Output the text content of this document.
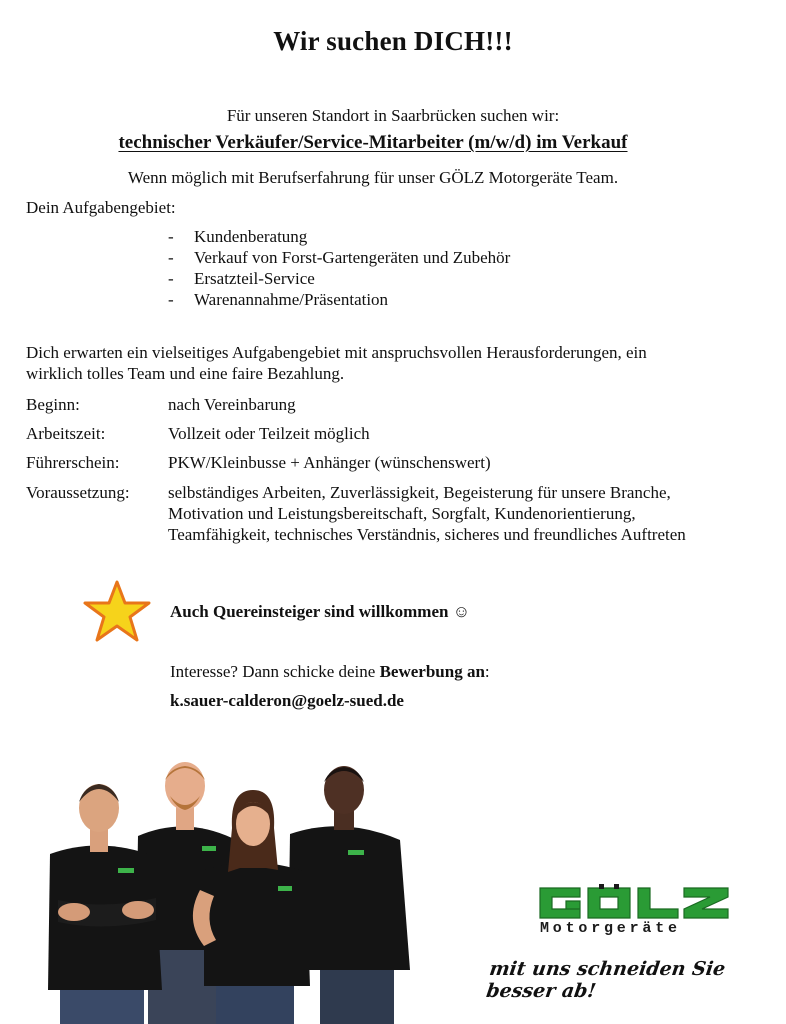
Wir suchen DICH!!!
Für unseren Standort in Saarbrücken suchen wir:
technischer Verkäufer/Service-Mitarbeiter (m/w/d) im Verkauf
Wenn möglich mit Berufserfahrung für unser GÖLZ Motorgeräte Team.
Dein Aufgabengebiet:
-	Kundenberatung
-	Verkauf von Forst-Gartengeräten und Zubehör
-	Ersatzteil-Service
-	Warenannahme/Präsentation
Dich erwarten ein vielseitiges Aufgabengebiet mit anspruchsvollen Herausforderungen, ein wirklich tolles Team und eine faire Bezahlung.
Beginn:	nach Vereinbarung
Arbeitszeit:	Vollzeit oder Teilzeit möglich
Führerschein:	PKW/Kleinbusse + Anhänger (wünschenswert)
Voraussetzung:	selbständiges Arbeiten, Zuverlässigkeit, Begeisterung für unsere Branche, Motivation und Leistungsbereitschaft, Sorgfalt, Kundenorientierung, Teamfähigkeit, technisches Verständnis, sicheres und freundliches Auftreten
Auch Quereinsteiger sind willkommen ☺
Interesse? Dann schicke deine Bewerbung an:
k.sauer-calderon@goelz-sued.de
Motorgeräte
mit uns schneiden Sie besser ab!
